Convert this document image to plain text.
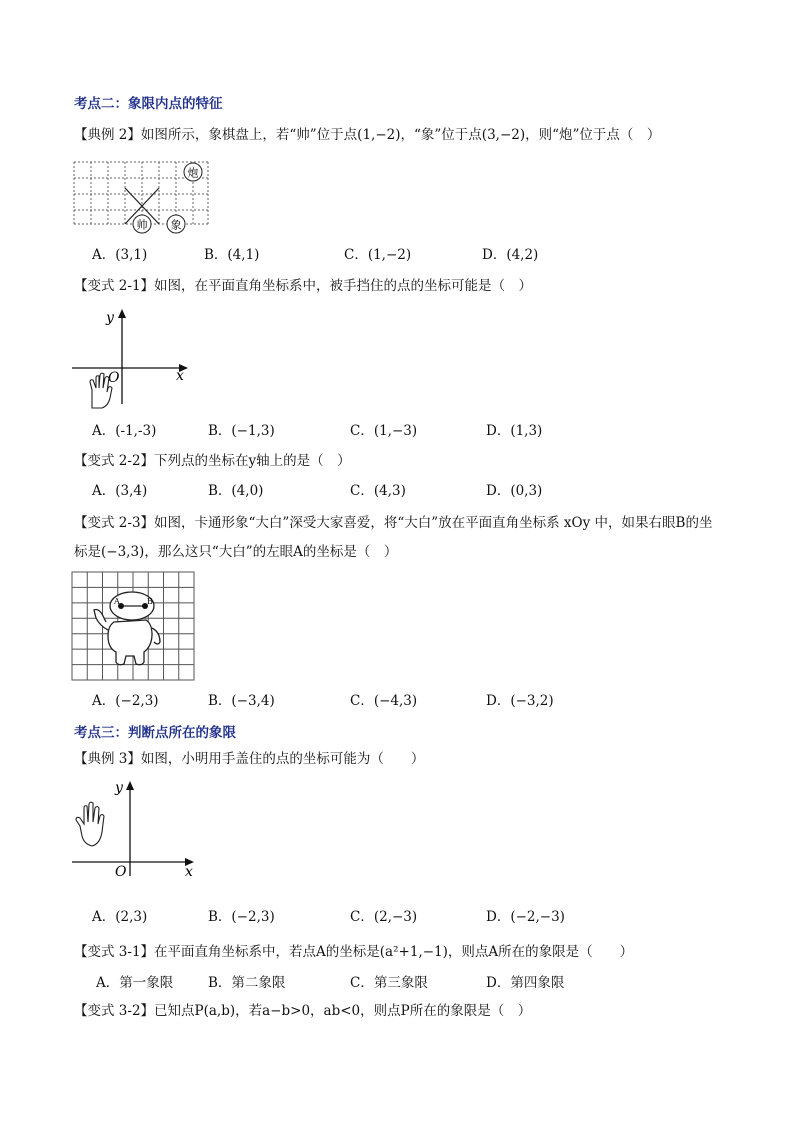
考点二：象限内点的特征
【典例 2】如图所示，象棋盘上，若“帅”位于点(1,−2)，“象”位于点(3,−2)，则“炮”位于点（　）
炮
帅 象
A．(3,1)	B．(4,1)	C．(1,−2)	D．(4,2)
【变式 2-1】如图，在平面直角坐标系中，被手挡住的点的坐标可能是（　）
y
x
O
A．(-1,-3)	B．(−1,3)	C．(1,−3)	D．(1,3)
【变式 2-2】下列点的坐标在y轴上的是（　）
A．(3,4)	B．(4,0)	C．(4,3)	D．(0,3)
【变式 2-3】如图，卡通形象“大白”深受大家喜爱，将“大白”放在平面直角坐标系 xOy 中，如果右眼B的坐
标是(−3,3)，那么这只“大白”的左眼A的坐标是（　）
A	B
A．(−2,3)	B．(−3,4)	C．(−4,3)	D．(−3,2)
考点三：判断点所在的象限
【典例 3】如图，小明用手盖住的点的坐标可能为（　　）
y
x
O
A．(2,3)	B．(−2,3)	C．(2,−3)	D．(−2,−3)
【变式 3-1】在平面直角坐标系中，若点A的坐标是(a²+1,−1)，则点A所在的象限是（　　）
A．第一象限	B．第二象限	C．第三象限	D．第四象限
【变式 3-2】已知点P(a,b)，若a−b>0，ab<0，则点P所在的象限是（　）
